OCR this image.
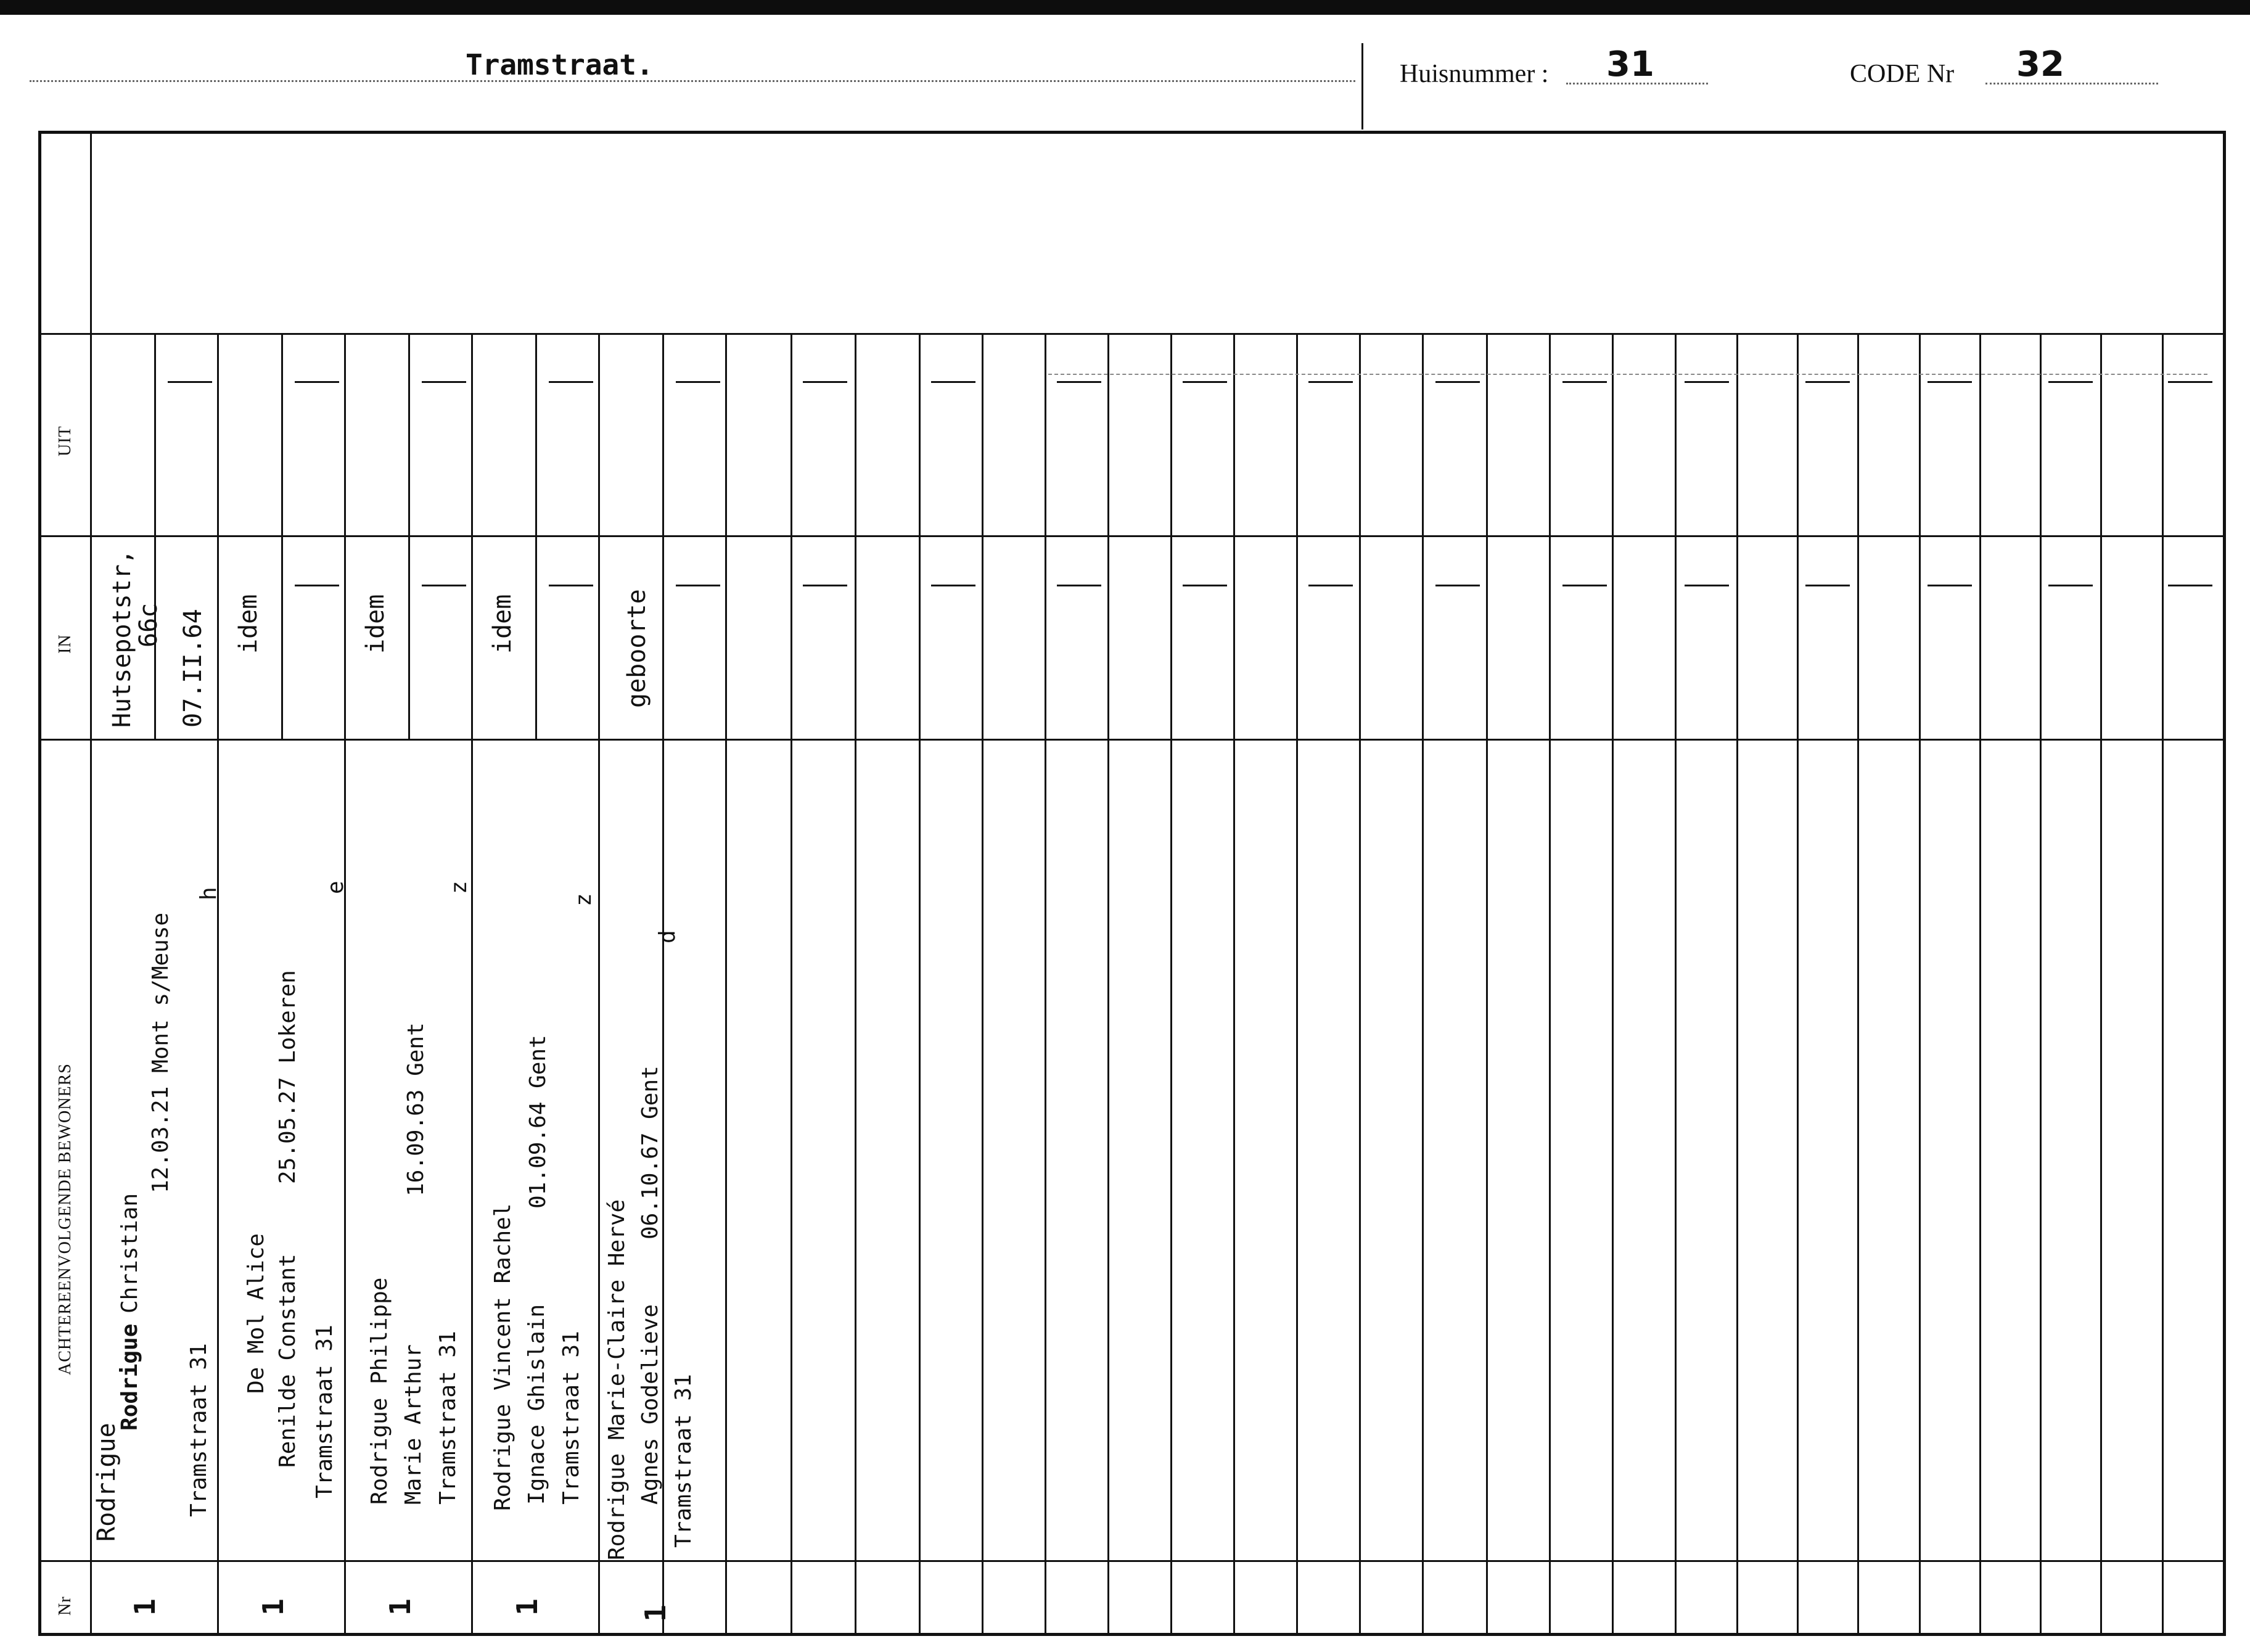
Tramstraat.	Huisnummer : 31	CODE Nr 32
UIT
IN
ACHTEREENVOLGENDE BEWONERS
Nr
Hutsepotstr,
66c 07.II.64
Rodrigue
Rodrigue
Christian
12.03.21 Mont s/Meuse
Tramstraat 31
h
1
idem
De Mol Alice Renilde Constant
25.05.27 Lokeren
Tramstraat 31
e
1
idem
Rodrigue Philippe Marie Arthur
16.09.63 Gent
Tramstraat 31
z
1
idem
Rodrigue Vincent Rachel Ignace Ghislain
01.09.64 Gent
Tramstraat 31
z
1
geboorte
Rodrigue Marie-Claire Hervé Agnes Godelieve
06.10.67 Gent
Tramstraat 31
d
1
